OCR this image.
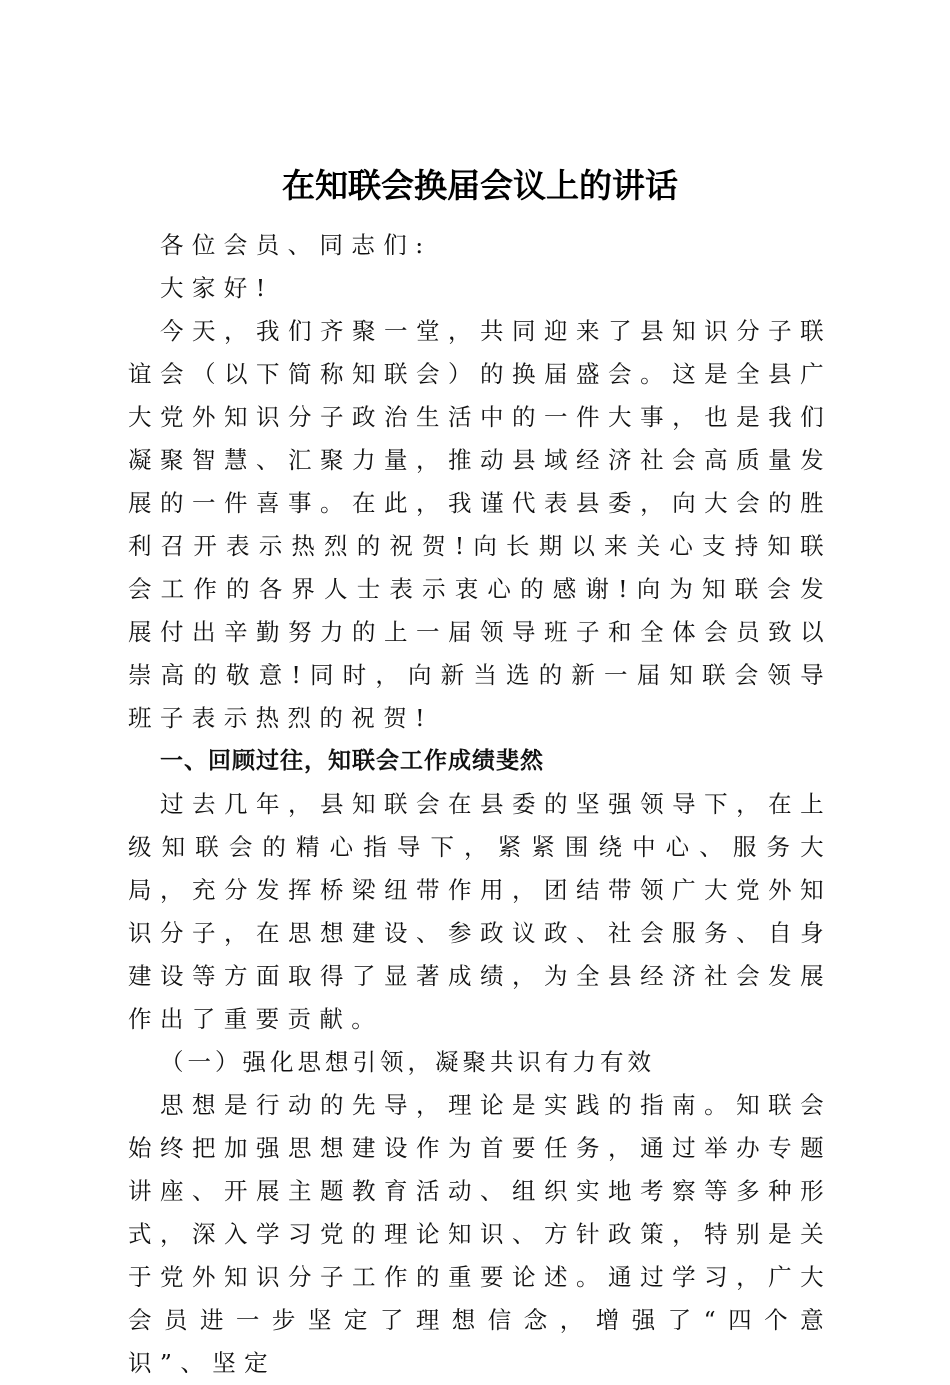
在知联会换届会议上的讲话

各位会员、同志们:

大家好!

今天，我们齐聚一堂，共同迎来了县知识分子联谊会（以下简称知联会）的换届盛会。这是全县广大党外知识分子政治生活中的一件大事，也是我们凝聚智慧、汇聚力量，推动县域经济社会高质量发展的一件喜事。在此，我谨代表县委，向大会的胜利召开表示热烈的祝贺!向长期以来关心支持知联会工作的各界人士表示衷心的感谢!向为知联会发展付出辛勤努力的上一届领导班子和全体会员致以崇高的敬意!同时，向新当选的新一届知联会领导班子表示热烈的祝贺!

一、回顾过往，知联会工作成绩斐然

过去几年，县知联会在县委的坚强领导下，在上级知联会的精心指导下，紧紧围绕中心、服务大局，充分发挥桥梁纽带作用，团结带领广大党外知识分子，在思想建设、参政议政、社会服务、自身建设等方面取得了显著成绩，为全县经济社会发展作出了重要贡献。

（一）强化思想引领，凝聚共识有力有效

思想是行动的先导，理论是实践的指南。知联会始终把加强思想建设作为首要任务，通过举办专题讲座、开展主题教育活动、组织实地考察等多种形式，深入学习党的理论知识、方针政策，特别是关于党外知识分子工作的重要论述。通过学习，广大会员进一步坚定了理想信念，增强了“四个意识”、坚定
